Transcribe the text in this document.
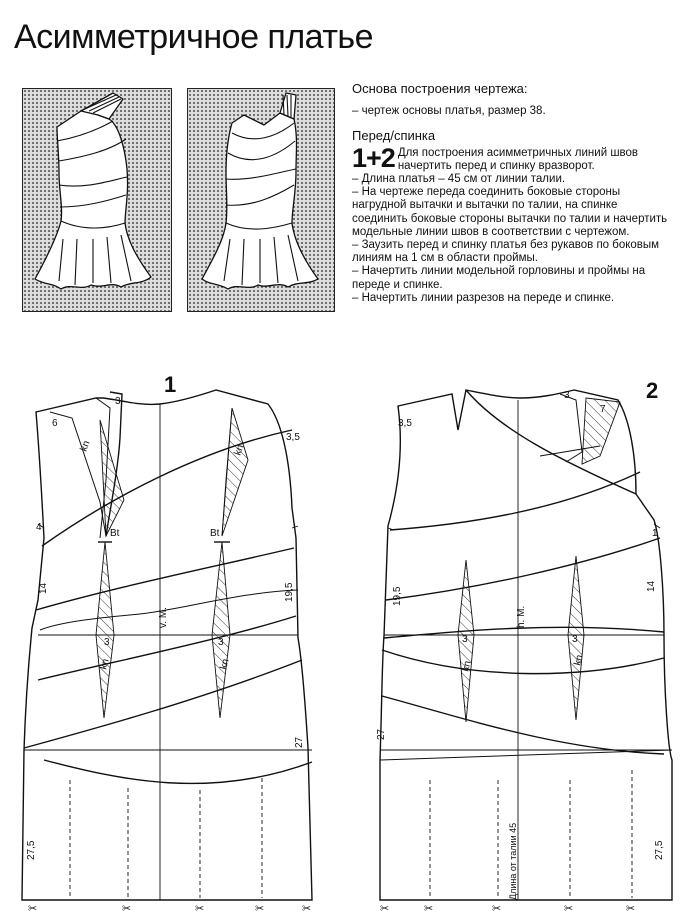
Асимметричное платье

Основа построения чертежа:

– чертеж основы платья, размер 38.

Перед/спинка

1+2 Для построения асимметричных линий швов начертить перед и спинку вразворот.

– Длина платья – 45 см от линии талии.

– На чертеже переда соединить боковые стороны нагрудной вытачки и вытачки по талии, на спинке соединить боковые стороны вытачки по талии и начертить модельные линии швов в соответствии с чертежом.

– Заузить перед и спинку платья без рукавов по боковым линиям на 1 см в области проймы.

– Начертить линии модельной горловины и проймы на переде и спинке.

– Начертить линии разрезов на переде и спинке.

1
v. M.
6
3
3,5
4
kn	kn
kn	kn
Bt	Bt
3	3
14	19,5
27
27,5
2
h. M.
3,5
3
7
1
kn	kn
3	3
19,5
14
27
27,5
Длина от талии 45
✂	✂	✂	✂	✂	✂	✂	✂	✂	✂
